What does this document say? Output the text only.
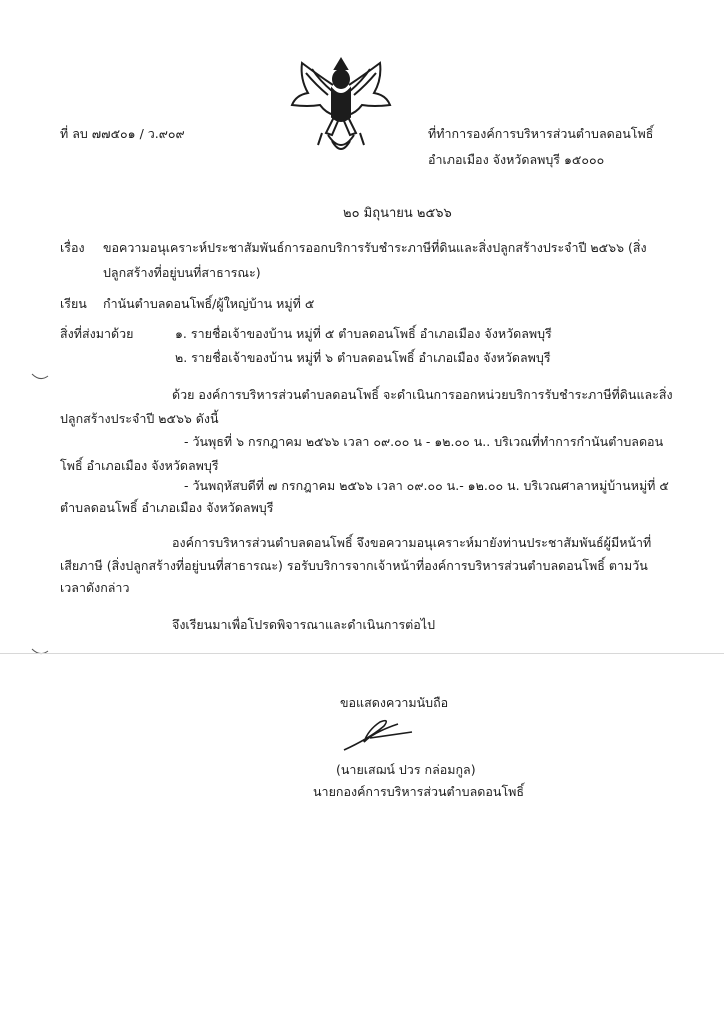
ที่ ลบ ๗๗๕๐๑ / ว.๙๐๙	ที่ทำการองค์การบริหารส่วนตำบลดอนโพธิ์
อำเภอเมือง จังหวัดลพบุรี ๑๕๐๐๐
๒๐ มิถุนายน ๒๕๖๖
เรื่อง ขอความอนุเคราะห์ประชาสัมพันธ์การออกบริการรับชำระภาษีที่ดินและสิ่งปลูกสร้างประจำปี ๒๕๖๖ (สิ่ง
ปลูกสร้างที่อยู่บนที่สาธารณะ)
เรียน กำนันตำบลดอนโพธิ์/ผู้ใหญ่บ้าน หมู่ที่ ๕
สิ่งที่ส่งมาด้วย	๑. รายชื่อเจ้าของบ้าน หมู่ที่ ๕ ตำบลดอนโพธิ์ อำเภอเมือง จังหวัดลพบุรี
๒. รายชื่อเจ้าของบ้าน หมู่ที่ ๖ ตำบลดอนโพธิ์ อำเภอเมือง จังหวัดลพบุรี
ด้วย องค์การบริหารส่วนตำบลดอนโพธิ์ จะดำเนินการออกหน่วยบริการรับชำระภาษีที่ดินและสิ่ง
ปลูกสร้างประจำปี ๒๕๖๖ ดังนี้
- วันพุธที่ ๖ กรกฎาคม ๒๕๖๖ เวลา ๐๙.๐๐ น - ๑๒.๐๐ น.. บริเวณที่ทำการกำนันตำบลดอน
โพธิ์ อำเภอเมือง จังหวัดลพบุรี
- วันพฤหัสบดีที่ ๗ กรกฎาคม ๒๕๖๖ เวลา ๐๙.๐๐ น.- ๑๒.๐๐ น. บริเวณศาลาหมู่บ้านหมู่ที่ ๕
ตำบลดอนโพธิ์ อำเภอเมือง จังหวัดลพบุรี
องค์การบริหารส่วนตำบลดอนโพธิ์ จึงขอความอนุเคราะห์มายังท่านประชาสัมพันธ์ผู้มีหน้าที่
เสียภาษี (สิ่งปลูกสร้างที่อยู่บนที่สาธารณะ) รอรับบริการจากเจ้าหน้าที่องค์การบริหารส่วนตำบลดอนโพธิ์ ตามวัน
เวลาดังกล่าว
จึงเรียนมาเพื่อโปรดพิจารณาและดำเนินการต่อไป
ขอแสดงความนับถือ
(นายเสฌน์ ปวร กล่อมกูล)
นายกองค์การบริหารส่วนตำบลดอนโพธิ์
